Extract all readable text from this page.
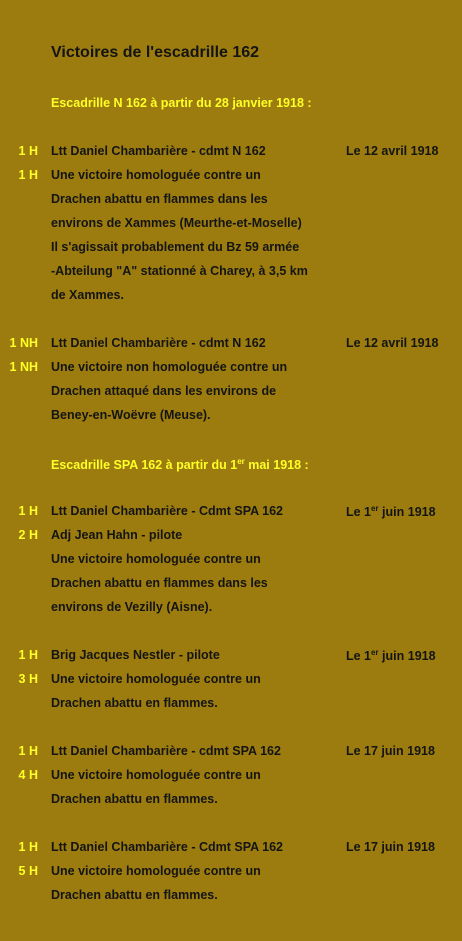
Victoires de l'escadrille 162
Escadrille N 162 à partir du 28 janvier 1918 :
1 H Ltt Daniel Chambarière - cdmt N 162	Le 12 avril 1918
1 H Une victoire homologuée contre un
Drachen abattu en flammes dans les
environs de Xammes (Meurthe-et-Moselle)
Il s'agissait probablement du Bz 59 armée
-Abteilung "A" stationné à Charey, à 3,5 km
de Xammes.
1 NH Ltt Daniel Chambarière - cdmt N 162	Le 12 avril 1918
1 NH Une victoire non homologuée contre un
Drachen attaqué dans les environs de
Beney-en-Woëvre (Meuse).
Escadrille SPA 162 à partir du 1er mai 1918 :
1 H Ltt Daniel Chambarière - Cdmt SPA 162	Le 1er juin 1918
2 H Adj Jean Hahn - pilote
Une victoire homologuée contre un
Drachen abattu en flammes dans les
environs de Vezilly (Aisne).
1 H Brig Jacques Nestler - pilote	Le 1er juin 1918
3 H Une victoire homologuée contre un
Drachen abattu en flammes.
1 H Ltt Daniel Chambarière - cdmt SPA 162	Le 17 juin 1918
4 H Une victoire homologuée contre un
Drachen abattu en flammes.
1 H Ltt Daniel Chambarière - Cdmt SPA 162	Le 17 juin 1918
5 H Une victoire homologuée contre un
Drachen abattu en flammes.
